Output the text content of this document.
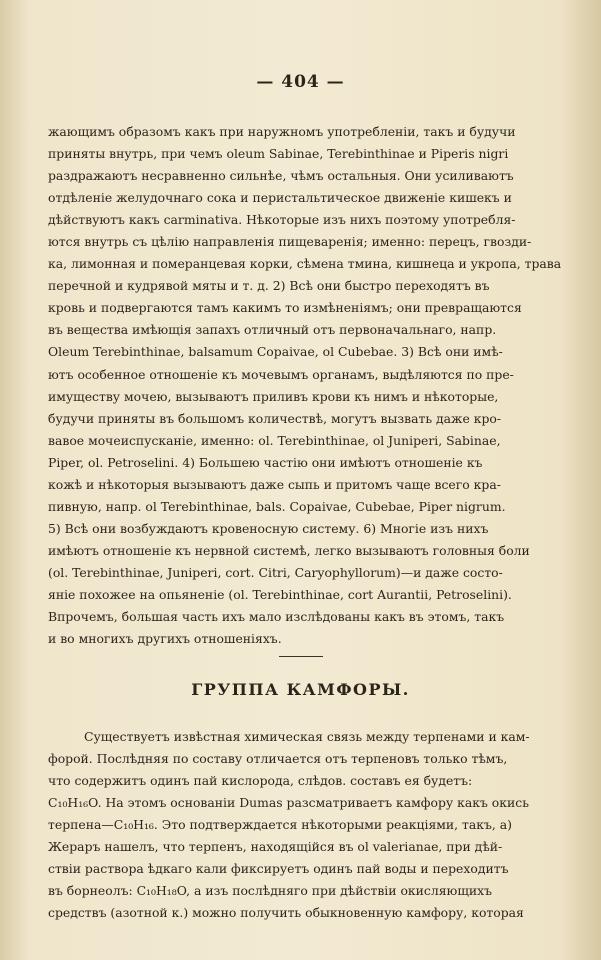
— 404 —
жающимъ образомъ какъ при наружномъ употребленіи, такъ и будучи
приняты внутрь, при чемъ oleum Sabinae, Terebinthinae и Piperis nigri
раздражаютъ несравненно сильнѣе, чѣмъ остальныя. Они усиливаютъ
отдѣленіе желудочнаго сока и перистальтическое движеніе кишекъ и
дѣйствуютъ какъ carminativa. Нѣкоторые изъ нихъ поэтому употребля-
ются внутрь съ цѣлію направленія пищеваренія; именно: перецъ, гвозди-
ка, лимонная и померанцевая корки, сѣмена тмина, кишнеца и укропа, трава
перечной и кудрявой мяты и т. д. 2) Всѣ они быстро переходятъ въ
кровь и подвергаются тамъ какимъ то измѣненіямъ; они превращаются
въ вещества имѣющія запахъ отличный отъ первоначальнаго, напр.
Oleum Terebinthinae, balsamum Copaivae, ol Cubebae. 3) Всѣ они имѣ-
ютъ особенное отношеніе къ мочевымъ органамъ, выдѣляются по пре-
имуществу мочею, вызываютъ приливъ крови къ нимъ и нѣкоторые,
будучи приняты въ большомъ количествѣ, могутъ вызвать даже кро-
вавое мочеиспусканіе, именно: ol. Terebinthinae, ol Juniperi, Sabinae,
Piper, ol. Petroselini. 4) Большею частію они имѣютъ отношеніе къ
кожѣ и нѣкоторыя вызываютъ даже сыпь и притомъ чаще всего кра-
пивную, напр. ol Terebinthinae, bals. Copaivae, Cubebae, Piper nigrum.
5) Всѣ они возбуждаютъ кровеносную систему. 6) Многіе изъ нихъ
имѣютъ отношеніе къ нервной системѣ, легко вызываютъ головныя боли
(ol. Terebinthinae, Juniperi, cort. Citri, Caryophyllorum)—и даже состо-
яніе похожее на опьяненіе (ol. Terebinthinae, cort Aurantii, Petroselini).
Впрочемъ, большая часть ихъ мало изслѣдованы какъ въ этомъ, такъ
и во многихъ другихъ отношеніяхъ.
ГРУППА КАМФОРЫ.
Существуетъ извѣстная химическая связь между терпенами и кам-
форой. Послѣдняя по составу отличается отъ терпеновъ только тѣмъ,
что содержитъ одинъ пай кислорода, слѣдов. составъ ея будетъ:
C₁₀H₁₆O. На этомъ основаніи Dumas разсматриваетъ камфору какъ окись
терпена—C₁₀H₁₆. Это подтверждается нѣкоторыми реакціями, такъ, а)
Жераръ нашелъ, что терпенъ, находящійся въ ol valerianae, при дѣй-
ствіи раствора ѣдкаго кали фиксируетъ одинъ пай воды и переходитъ
въ борнеолъ: C₁₀H₁₈O, а изъ послѣдняго при дѣйствіи окисляющихъ
средствъ (азотной к.) можно получить обыкновенную камфору, которая
